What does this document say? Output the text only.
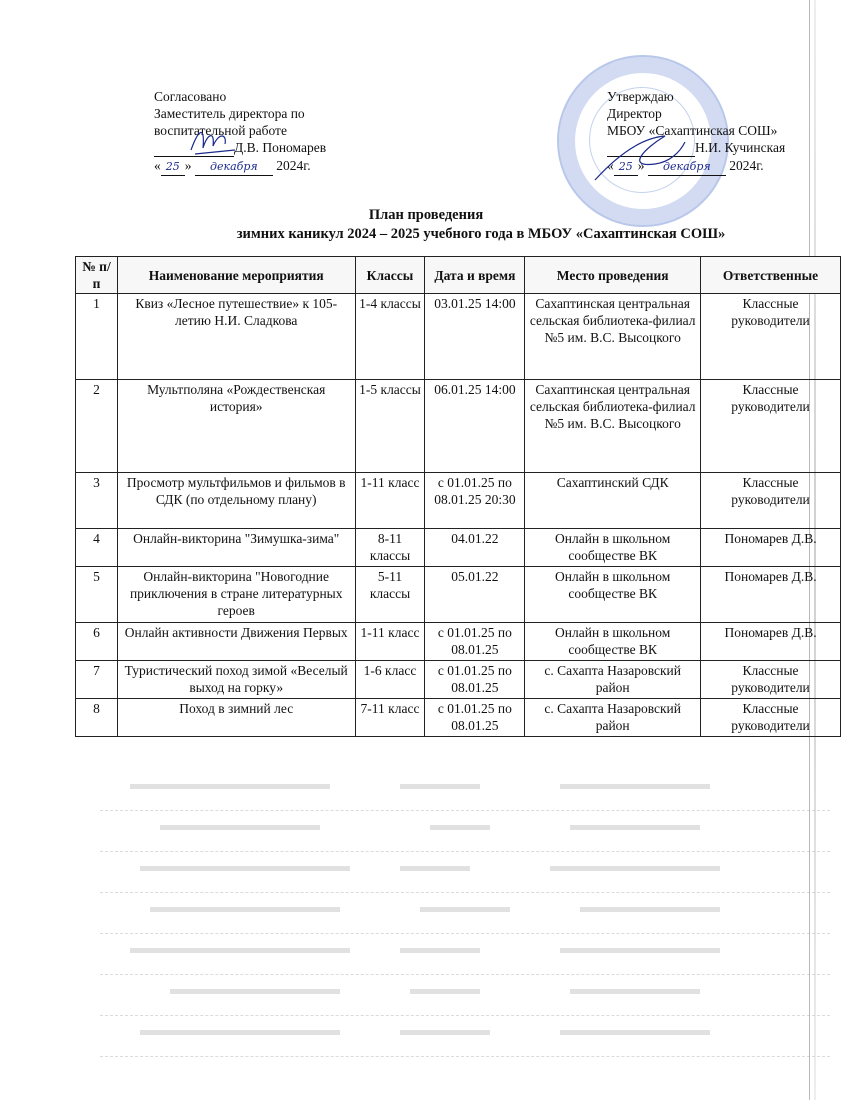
Согласовано
Заместитель директора по
воспитательной работе
Д.В. Пономарев
« 25 » декабря 2024г.
Утверждаю
Директор
МБОУ «Сахаптинская СОШ»
Н.И. Кучинская
« 25 » декабря 2024г.
План проведения
зимних каникул 2024 – 2025 учебного года в МБОУ «Сахаптинская СОШ»
№ п/п	Наименование мероприятия	Классы	Дата и время	Место проведения	Ответственные
1	Квиз «Лесное путешествие» к 105-летию Н.И. Сладкова	1-4 классы	03.01.25 14:00	Сахаптинская центральная сельская библиотека-филиал №5 им. В.С. Высоцкого	Классные руководители
2	Мультполяна «Рождественская история»	1-5 классы	06.01.25 14:00	Сахаптинская центральная сельская библиотека-филиал №5 им. В.С. Высоцкого	Классные руководители
3	Просмотр мультфильмов и фильмов в СДК (по отдельному плану)	1-11 класс	с 01.01.25 по 08.01.25 20:30	Сахаптинский СДК	Классные руководители
4	Онлайн-викторина "Зимушка-зима"	8-11 классы	04.01.22	Онлайн в школьном сообществе ВК	Пономарев Д.В.
5	Онлайн-викторина "Новогодние приключения в стране литературных героев	5-11 классы	05.01.22	Онлайн в школьном сообществе ВК	Пономарев Д.В.
6	Онлайн активности Движения Первых	1-11 класс	с 01.01.25 по 08.01.25	Онлайн в школьном сообществе ВК	Пономарев Д.В.
7	Туристический поход зимой «Веселый выход на горку»	1-6 класс	с 01.01.25 по 08.01.25	с. Сахапта Назаровский район	Классные руководители
8	Поход в зимний лес	7-11 класс	с 01.01.25 по 08.01.25	с. Сахапта Назаровский район	Классные руководители
